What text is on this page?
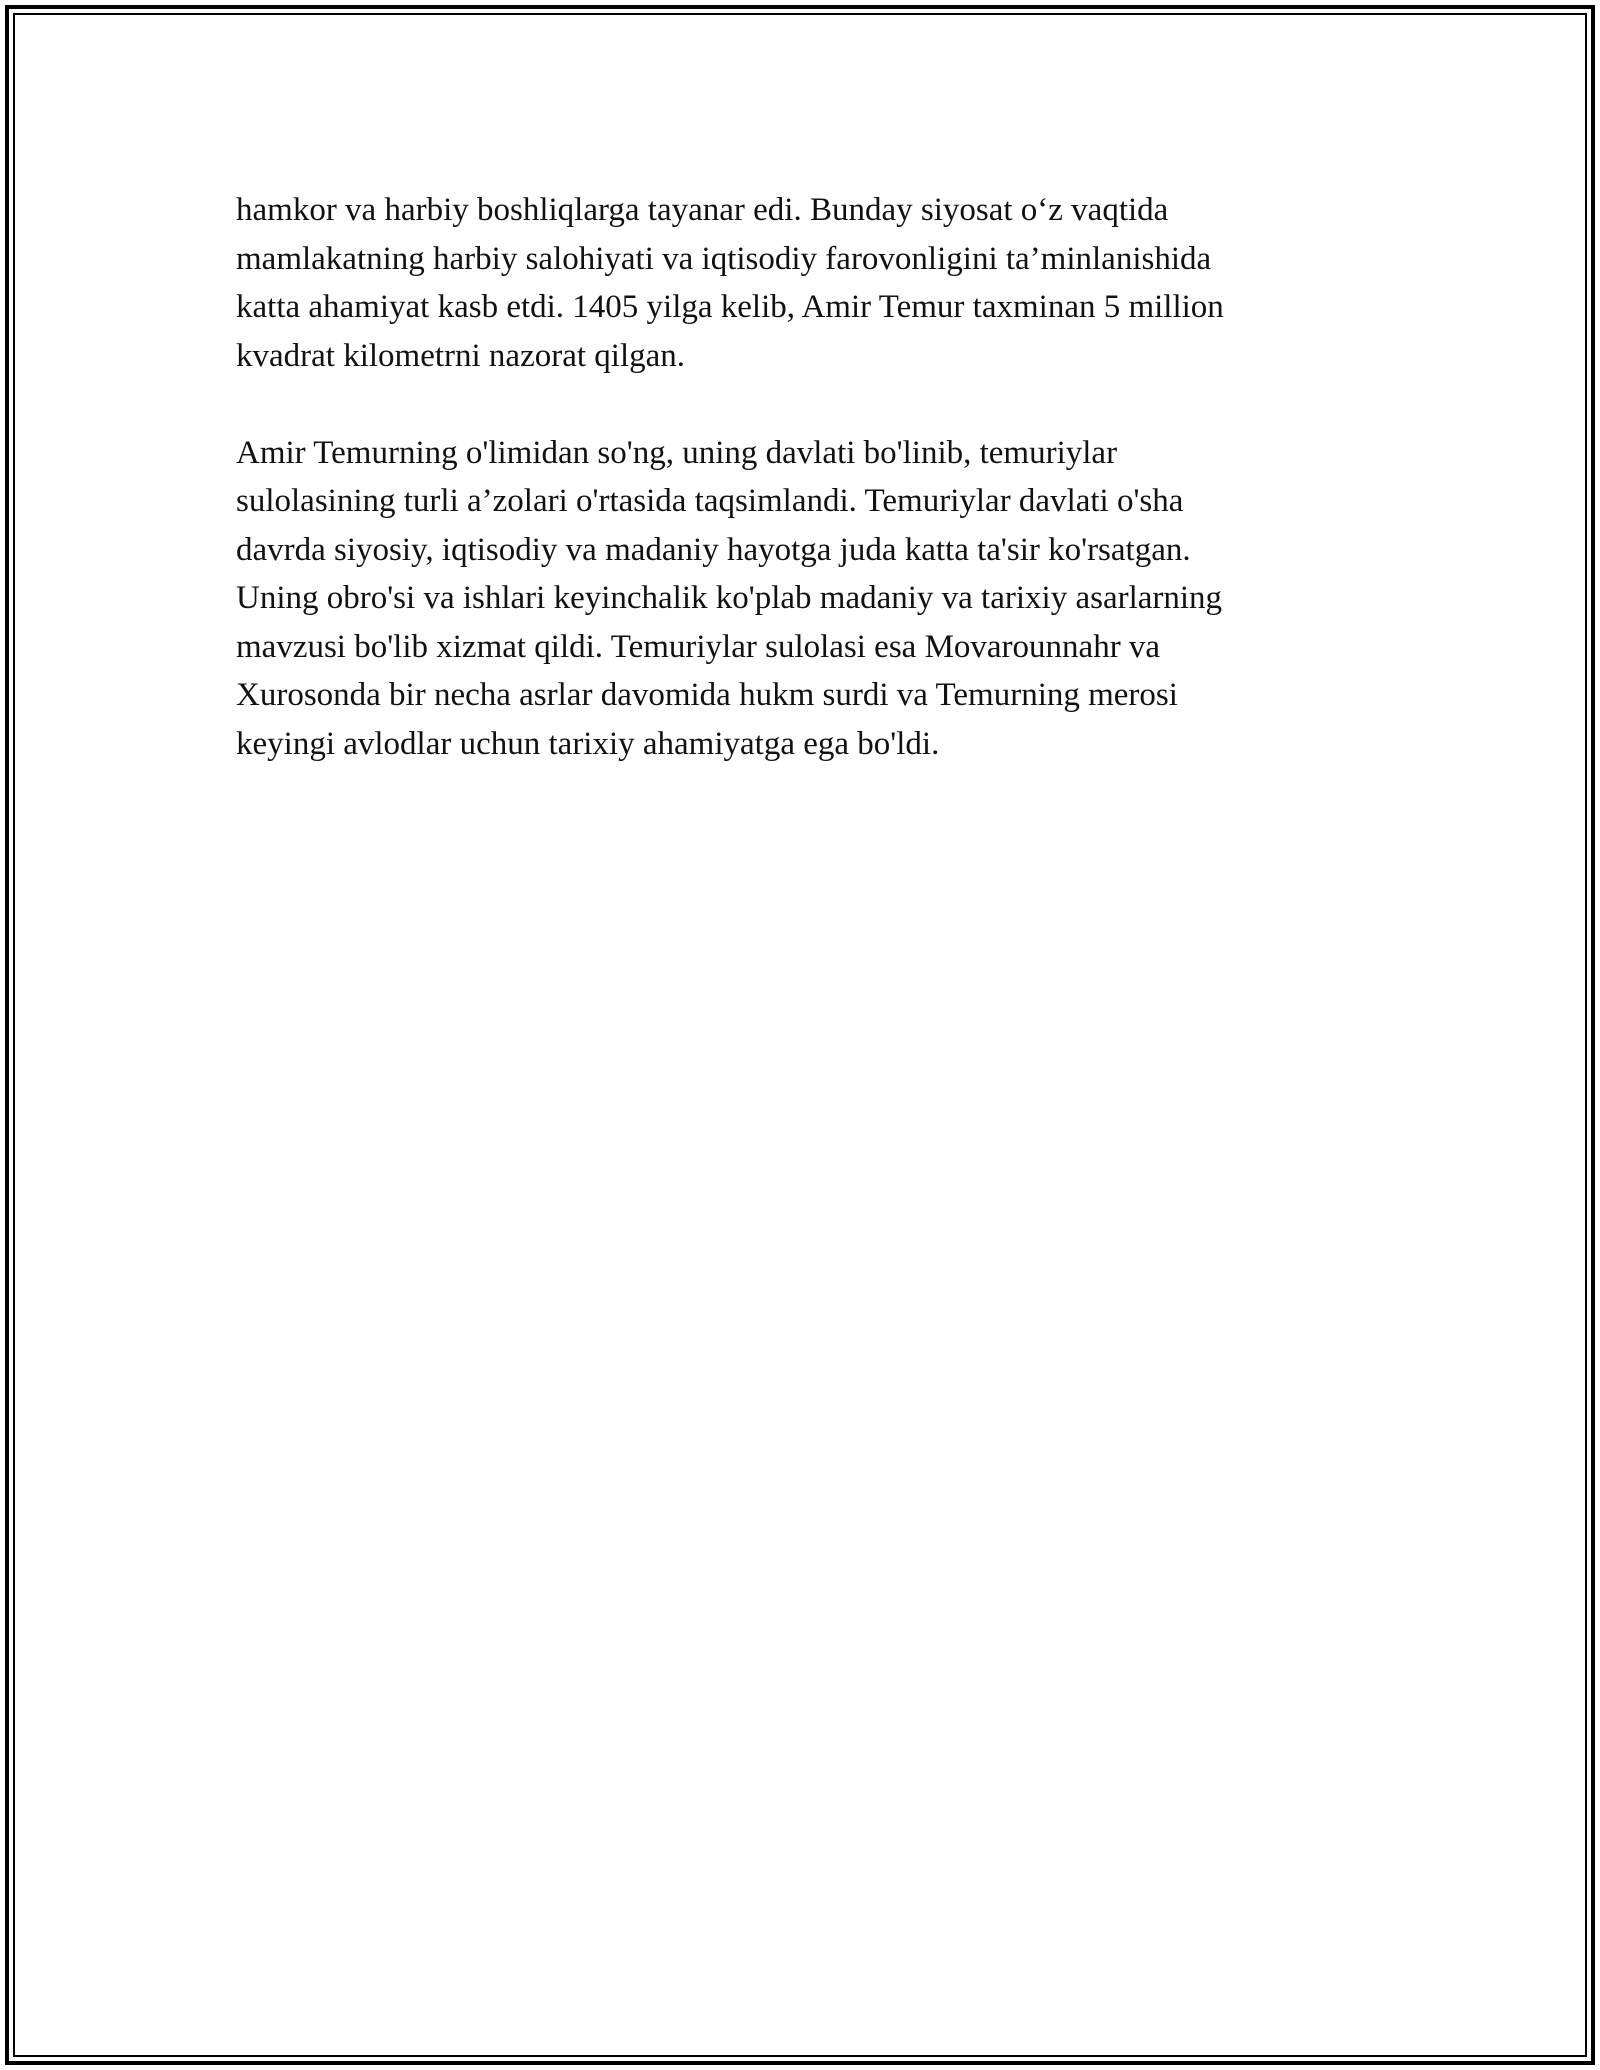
hamkor va harbiy boshliqlarga tayanar edi. Bunday siyosat o‘z vaqtida
mamlakatning harbiy salohiyati va iqtisodiy farovonligini ta’minlanishida
katta ahamiyat kasb etdi. 1405 yilga kelib, Amir Temur taxminan 5 million
kvadrat kilometrni nazorat qilgan.

Amir Temurning o'limidan so'ng, uning davlati bo'linib, temuriylar
sulolasining turli a’zolari o'rtasida taqsimlandi. Temuriylar davlati o'sha
davrda siyosiy, iqtisodiy va madaniy hayotga juda katta ta'sir ko'rsatgan.
Uning obro'si va ishlari keyinchalik ko'plab madaniy va tarixiy asarlarning
mavzusi bo'lib xizmat qildi. Temuriylar sulolasi esa Movarounnahr va
Xurosonda bir necha asrlar davomida hukm surdi va Temurning merosi
keyingi avlodlar uchun tarixiy ahamiyatga ega bo'ldi.
